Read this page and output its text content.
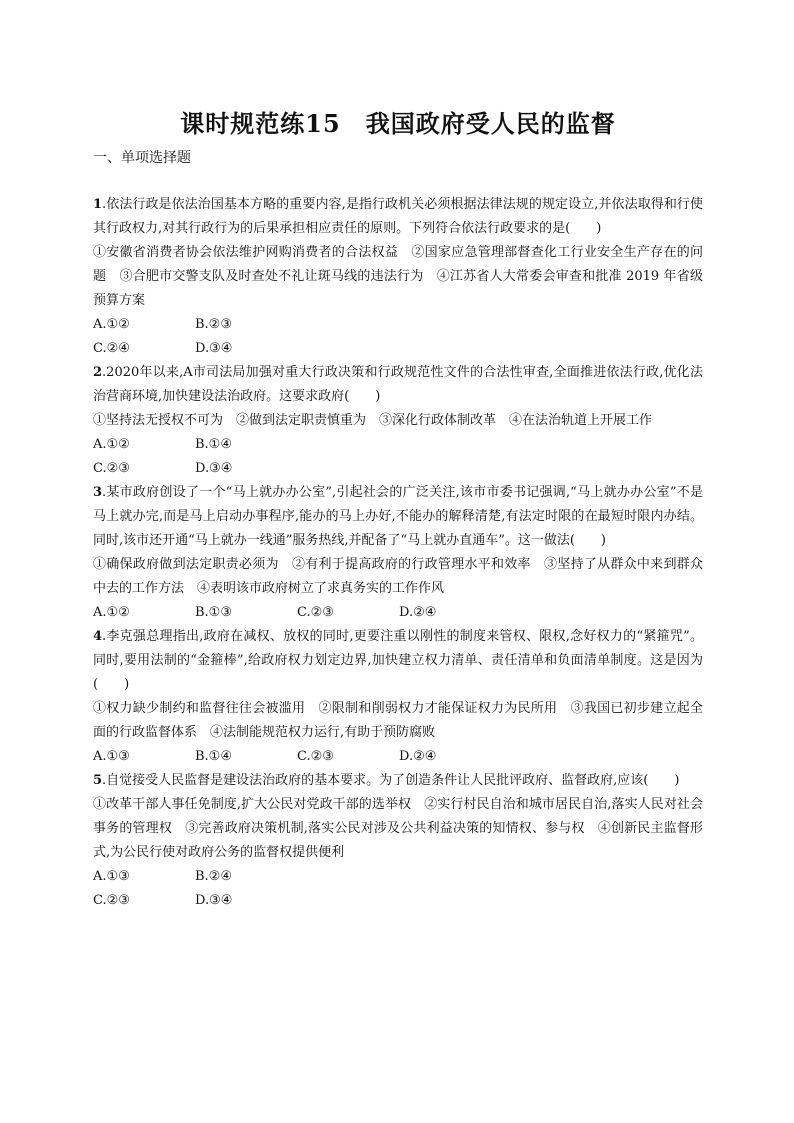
课时规范练15　我国政府受人民的监督
一、单项选择题
1.依法行政是依法治国基本方略的重要内容,是指行政机关必须根据法律法规的规定设立,并依法取得和行使其行政权力,对其行政行为的后果承担相应责任的原则。下列符合依法行政要求的是(　　)
①安徽省消费者协会依法维护网购消费者的合法权益　②国家应急管理部督查化工行业安全生产存在的问题　③合肥市交警支队及时查处不礼让斑马线的违法行为　④江苏省人大常委会审查和批准 2019 年省级预算方案
A.①②	B.②③
C.②④	D.③④
2.2020年以来,A市司法局加强对重大行政决策和行政规范性文件的合法性审查,全面推进依法行政,优化法治营商环境,加快建设法治政府。这要求政府(　　)
①坚持法无授权不可为　②做到法定职责慎重为　③深化行政体制改革　④在法治轨道上开展工作
A.①②	B.①④
C.②③	D.③④
3.某市政府创设了一个“马上就办办公室”,引起社会的广泛关注,该市市委书记强调,“马上就办办公室”不是马上就办完,而是马上启动办事程序,能办的马上办好,不能办的解释清楚,有法定时限的在最短时限内办结。同时,该市还开通“马上就办一线通”服务热线,并配备了“马上就办直通车”。这一做法(　　)
①确保政府做到法定职责必须为　②有利于提高政府的行政管理水平和效率　③坚持了从群众中来到群众中去的工作方法　④表明该市政府树立了求真务实的工作作风
A.①②	B.①③	C.②③	D.②④
4.李克强总理指出,政府在减权、放权的同时,更要注重以刚性的制度来管权、限权,念好权力的“紧箍咒”。同时,要用法制的“金箍棒”,给政府权力划定边界,加快建立权力清单、责任清单和负面清单制度。这是因为(　　)
①权力缺少制约和监督往往会被滥用　②限制和削弱权力才能保证权力为民所用　③我国已初步建立起全面的行政监督体系　④法制能规范权力运行,有助于预防腐败
A.①③	B.①④	C.②③	D.②④
5.自觉接受人民监督是建设法治政府的基本要求。为了创造条件让人民批评政府、监督政府,应该(　　)
①改革干部人事任免制度,扩大公民对党政干部的选举权　②实行村民自治和城市居民自治,落实人民对社会事务的管理权　③完善政府决策机制,落实公民对涉及公共利益决策的知情权、参与权　④创新民主监督形式,为公民行使对政府公务的监督权提供便利
A.①③	B.②④
C.②③	D.③④
